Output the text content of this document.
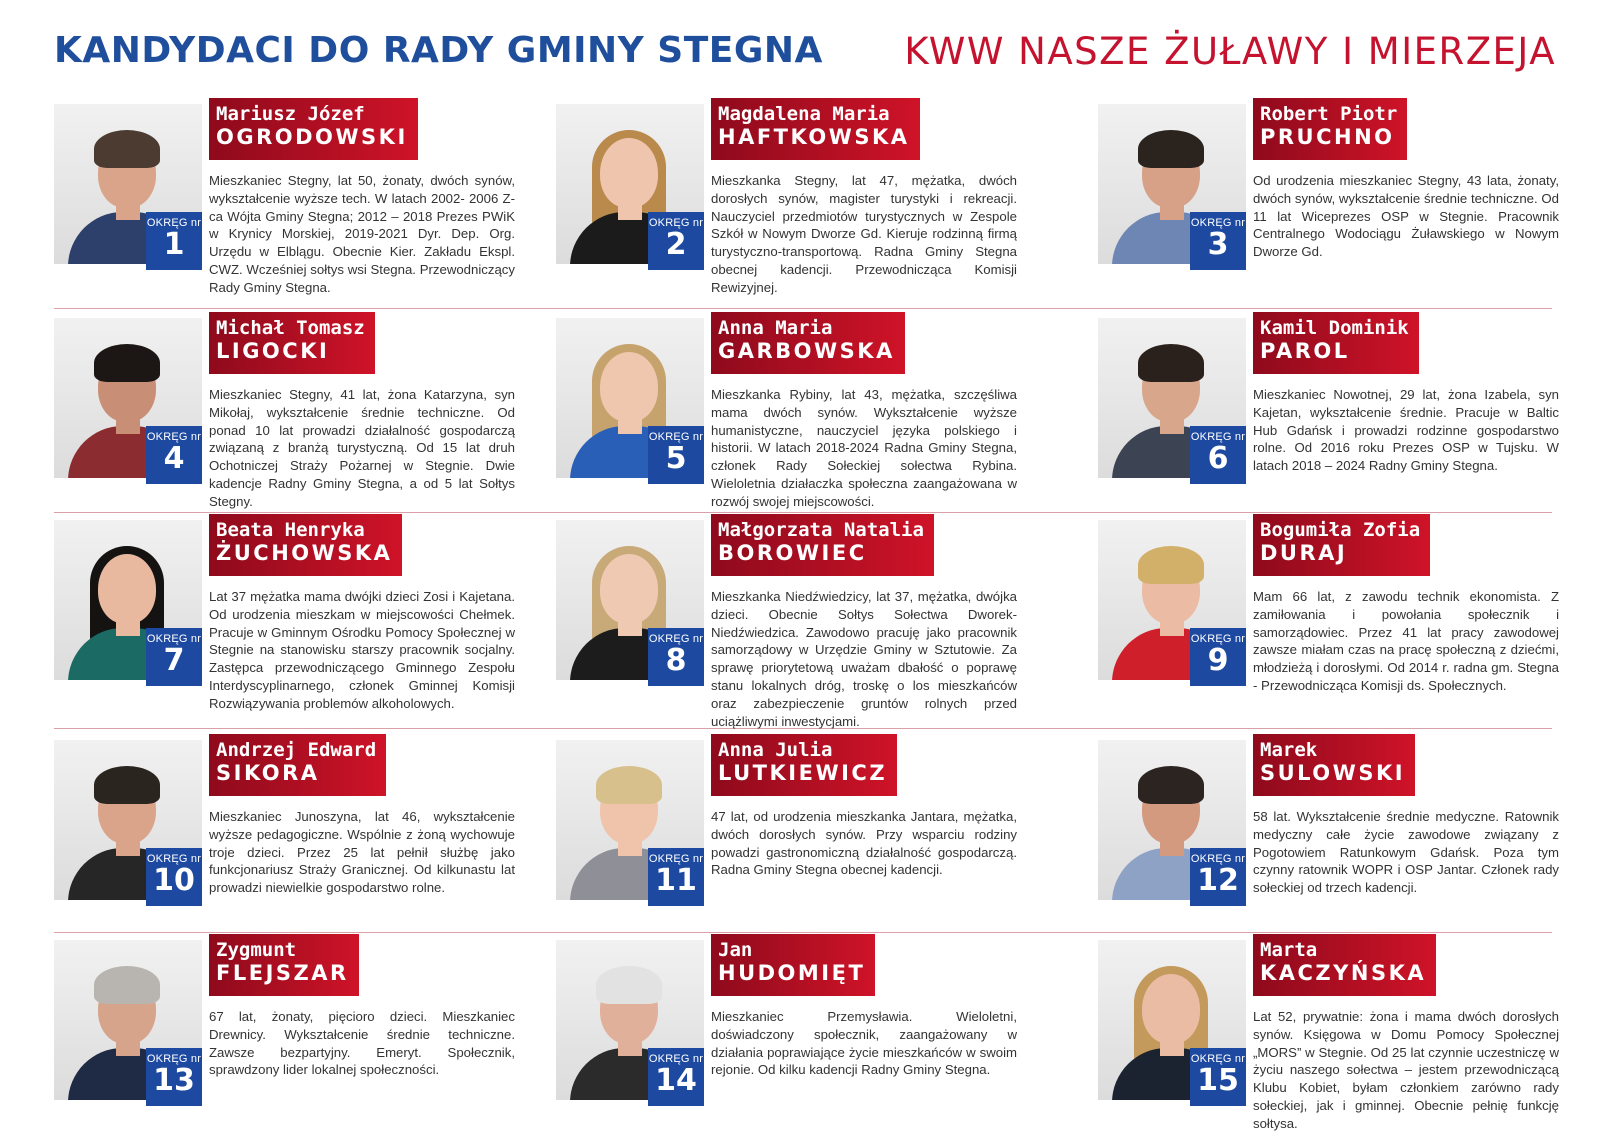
KANDYDACI DO RADY GMINY STEGNA KWW NASZE ŻUŁAWY I MIERZEJA
OKRĘG nr
1
Mariusz Józef
OGRODOWSKI
Mieszkaniec Stegny, lat 50, żonaty, dwóch synów, wykształcenie wyższe tech. W latach 2002- 2006 Z-ca Wójta Gminy Stegna; 2012 – 2018 Prezes PWiK w Krynicy Morskiej, 2019-2021 Dyr. Dep. Org. Urzędu w Elblągu. Obecnie Kier. Zakładu Ekspl. CWZ. Wcześniej sołtys wsi Stegna. Przewodniczący Rady Gminy Stegna.
OKRĘG nr
2
Magdalena Maria
HAFTKOWSKA
Mieszkanka Stegny, lat 47, mężatka, dwóch dorosłych synów, magister turystyki i rekreacji. Nauczyciel przedmiotów turystycznych w Zespole Szkół w Nowym Dworze Gd. Kieruje rodzinną firmą turystyczno-transportową. Radna Gminy Stegna obecnej kadencji. Przewodnicząca Komisji Rewizyjnej.
OKRĘG nr
3
Robert Piotr
PRUCHNO
Od urodzenia mieszkaniec Stegny, 43 lata, żonaty, dwóch synów, wykształcenie średnie techniczne. Od 11 lat Wiceprezes OSP w Stegnie. Pracownik Centralnego Wodociągu Żuławskiego w Nowym Dworze Gd.
OKRĘG nr
4
Michał Tomasz
LIGOCKI
Mieszkaniec Stegny, 41 lat, żona Katarzyna, syn Mikołaj, wykształcenie średnie techniczne. Od ponad 10 lat prowadzi działalność gospodarczą związaną z branżą turystyczną. Od 15 lat druh Ochotniczej Straży Pożarnej w Stegnie. Dwie kadencje Radny Gminy Stegna, a od 5 lat Sołtys Stegny.
OKRĘG nr
5
Anna Maria
GARBOWSKA
Mieszkanka Rybiny, lat 43, mężatka, szczęśliwa mama dwóch synów. Wykształcenie wyższe humanistyczne, nauczyciel języka polskiego i historii. W latach 2018-2024 Radna Gminy Stegna, członek Rady Sołeckiej sołectwa Rybina. Wieloletnia działaczka społeczna zaangażowana w rozwój swojej miejscowości.
OKRĘG nr
6
Kamil Dominik
PAROL
Mieszkaniec Nowotnej, 29 lat, żona Izabela, syn Kajetan, wykształcenie średnie. Pracuje w Baltic Hub Gdańsk i prowadzi rodzinne gospodarstwo rolne. Od 2016 roku Prezes OSP w Tujsku. W latach 2018 – 2024 Radny Gminy Stegna.
OKRĘG nr
7
Beata Henryka
ŻUCHOWSKA
Lat 37 mężatka mama dwójki dzieci Zosi i Kajetana. Od urodzenia mieszkam w miejscowości Chełmek. Pracuje w Gminnym Ośrodku Pomocy Społecznej w Stegnie na stanowisku starszy pracownik socjalny. Zastępca przewodniczącego Gminnego Zespołu Interdyscyplinarnego, członek Gminnej Komisji Rozwiązywania problemów alkoholowych.
OKRĘG nr
8
Małgorzata Natalia
BOROWIEC
Mieszkanka Niedźwiedzicy, lat 37, mężatka, dwójka dzieci. Obecnie Sołtys Sołectwa Dworek-Niedźwiedzica. Zawodowo pracuję jako pracownik samorządowy w Urzędzie Gminy w Sztutowie. Za sprawę priorytetową uważam dbałość o poprawę stanu lokalnych dróg, troskę o los mieszkańców oraz zabezpieczenie gruntów rolnych przed uciążliwymi inwestycjami.
OKRĘG nr
9
Bogumiła Zofia
DURAJ
Mam 66 lat, z zawodu technik ekonomista. Z zamiłowania i powołania społecznik i samorządowiec. Przez 41 lat pracy zawodowej zawsze miałam czas na pracę społeczną z dziećmi, młodzieżą i dorosłymi. Od 2014 r. radna gm. Stegna - Przewodnicząca Komisji ds. Społecznych.
OKRĘG nr
10
Andrzej Edward
SIKORA
Mieszkaniec Junoszyna, lat 46, wykształcenie wyższe pedagogiczne. Wspólnie z żoną wychowuje troje dzieci. Przez 25 lat pełnił służbę jako funkcjonariusz Straży Granicznej. Od kilkunastu lat prowadzi niewielkie gospodarstwo rolne.
OKRĘG nr
11
Anna Julia
LUTKIEWICZ
47 lat, od urodzenia mieszkanka Jantara, mężatka, dwóch dorosłych synów. Przy wsparciu rodziny powadzi gastronomiczną działalność gospodarczą. Radna Gminy Stegna obecnej kadencji.
OKRĘG nr
12
Marek
SULOWSKI
58 lat. Wykształcenie średnie medyczne. Ratownik medyczny całe życie zawodowe związany z Pogotowiem Ratunkowym Gdańsk. Poza tym czynny ratownik WOPR i OSP Jantar. Członek rady sołeckiej od trzech kadencji.
OKRĘG nr
13
Zygmunt
FLEJSZAR
67 lat, żonaty, pięcioro dzieci. Mieszkaniec Drewnicy. Wykształcenie średnie techniczne. Zawsze bezpartyjny. Emeryt. Społecznik, sprawdzony lider lokalnej społeczności.
OKRĘG nr
14
Jan
HUDOMIĘT
Mieszkaniec Przemysławia. Wieloletni, doświadczony społecznik, zaangażowany w działania poprawiające życie mieszkańców w swoim rejonie. Od kilku kadencji Radny Gminy Stegna.
OKRĘG nr
15
Marta
KACZYŃSKA
Lat 52, prywatnie: żona i mama dwóch dorosłych synów. Księgowa w Domu Pomocy Społecznej „MORS” w Stegnie. Od 25 lat czynnie uczestniczę w życiu naszego sołectwa – jestem przewodniczącą Klubu Kobiet, byłam członkiem zarówno rady sołeckiej, jak i gminnej. Obecnie pełnię funkcję sołtysa.
